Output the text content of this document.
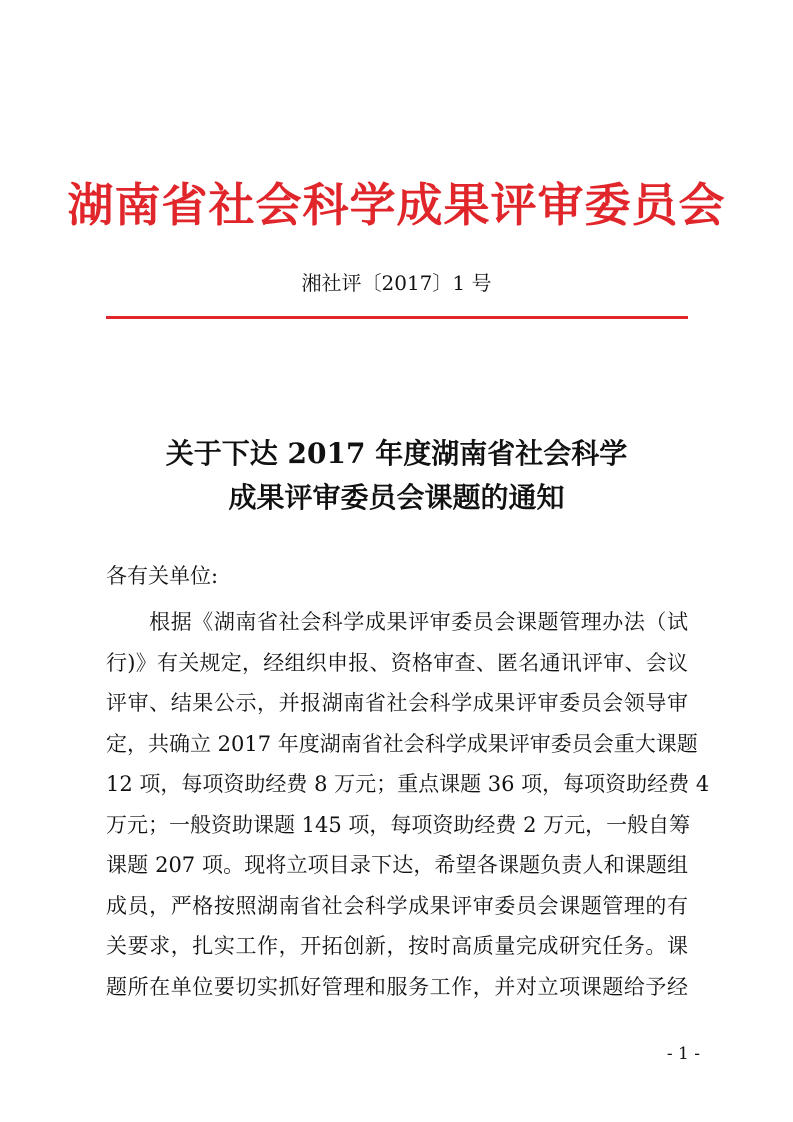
湖南省社会科学成果评审委员会
湘社评〔2017〕1 号
关于下达 2017 年度湖南省社会科学
成果评审委员会课题的通知
各有关单位:
　　根据《湖南省社会科学成果评审委员会课题管理办法（试
行)》有关规定，经组织申报、资格审查、匿名通讯评审、会议
评审、结果公示，并报湖南省社会科学成果评审委员会领导审
定，共确立 2017 年度湖南省社会科学成果评审委员会重大课题
12 项，每项资助经费 8 万元；重点课题 36 项，每项资助经费 4
万元；一般资助课题 145 项，每项资助经费 2 万元，一般自筹
课题 207 项。现将立项目录下达，希望各课题负责人和课题组
成员，严格按照湖南省社会科学成果评审委员会课题管理的有
关要求，扎实工作，开拓创新，按时高质量完成研究任务。课
题所在单位要切实抓好管理和服务工作，并对立项课题给予经
- 1 -
